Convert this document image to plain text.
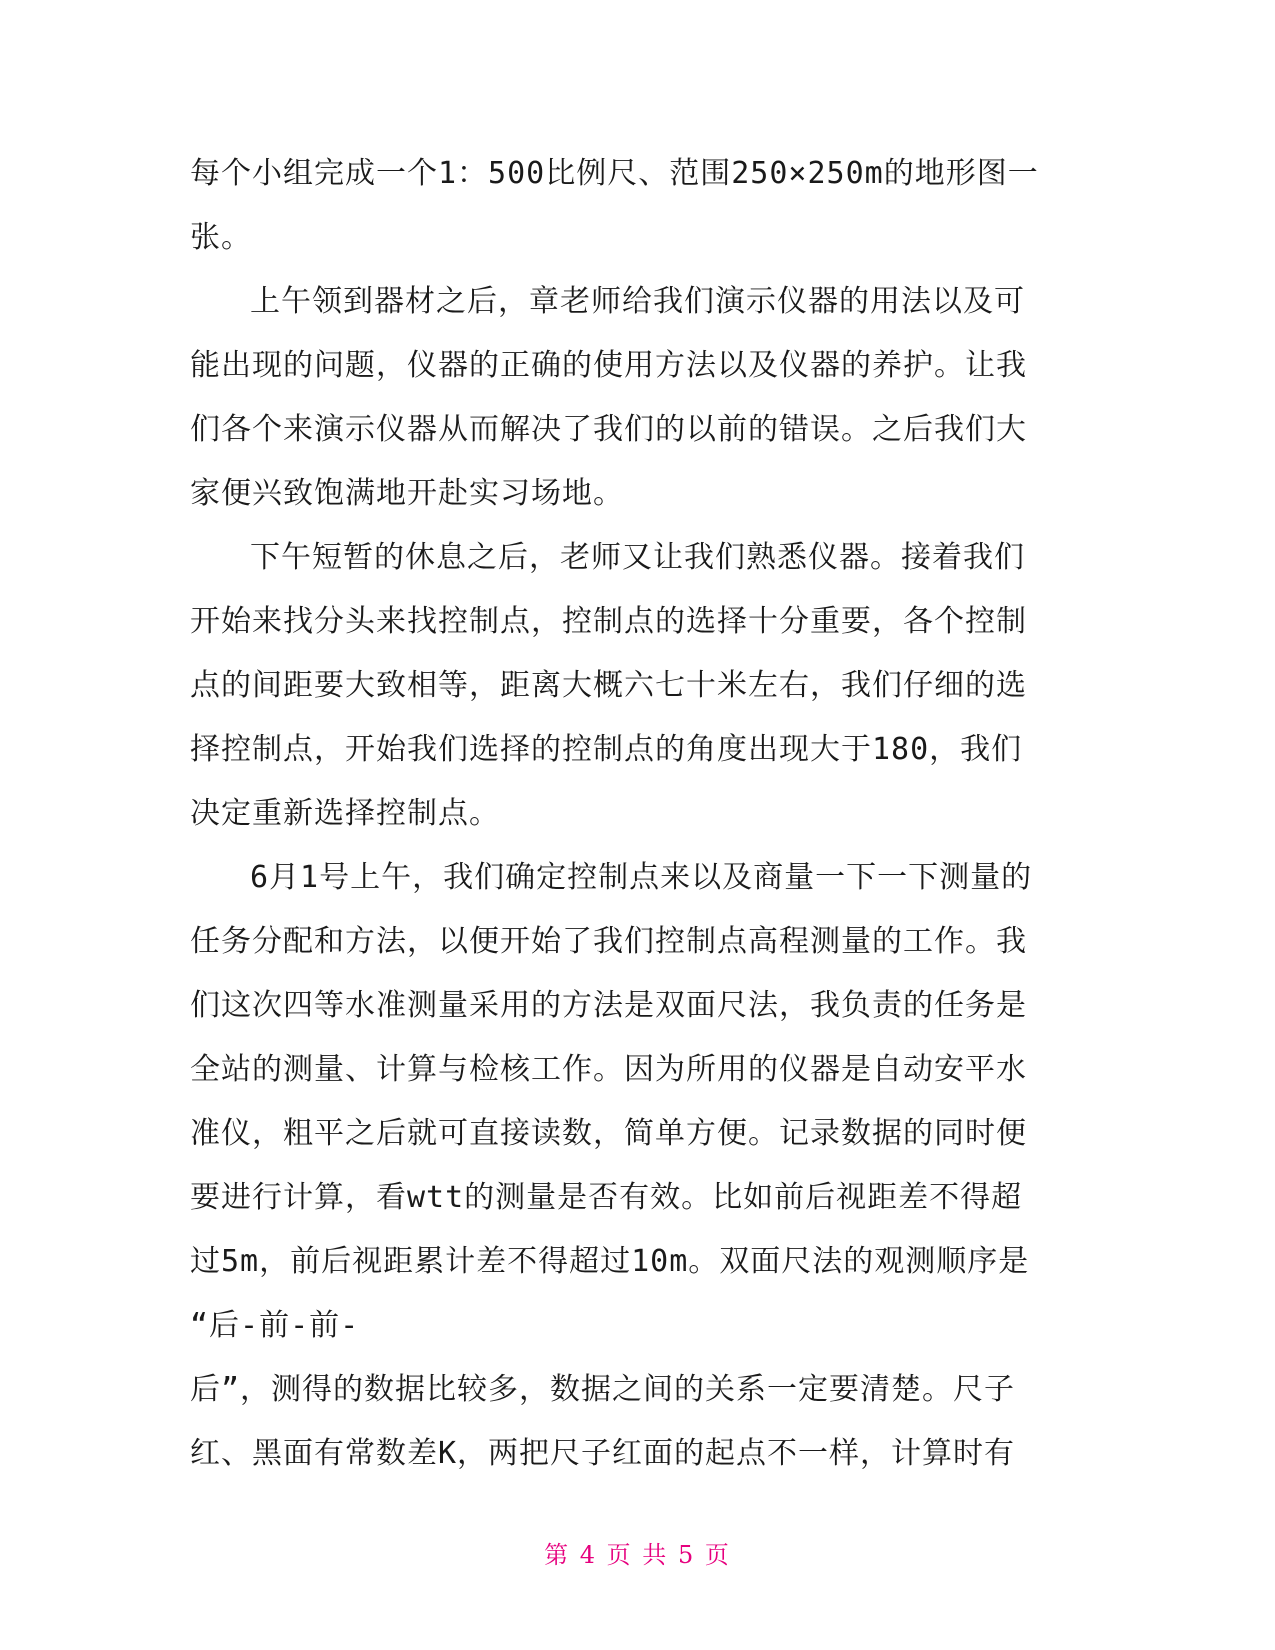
每个小组完成一个1：500比例尺、范围250×250m的地形图一
张。
上午领到器材之后，章老师给我们演示仪器的用法以及可
能出现的问题，仪器的正确的使用方法以及仪器的养护。让我
们各个来演示仪器从而解决了我们的以前的错误。之后我们大
家便兴致饱满地开赴实习场地。
下午短暂的休息之后，老师又让我们熟悉仪器。接着我们
开始来找分头来找控制点，控制点的选择十分重要，各个控制
点的间距要大致相等，距离大概六七十米左右，我们仔细的选
择控制点，开始我们选择的控制点的角度出现大于180，我们
决定重新选择控制点。
6月1号上午，我们确定控制点来以及商量一下一下测量的
任务分配和方法，以便开始了我们控制点高程测量的工作。我
们这次四等水准测量采用的方法是双面尺法，我负责的任务是
全站的测量、计算与检核工作。因为所用的仪器是自动安平水
准仪，粗平之后就可直接读数，简单方便。记录数据的同时便
要进行计算，看wtt的测量是否有效。比如前后视距差不得超
过5m，前后视距累计差不得超过10m。双面尺法的观测顺序是
“后-前-前-
后”，测得的数据比较多，数据之间的关系一定要清楚。尺子
红、黑面有常数差K，两把尺子红面的起点不一样，计算时有
第 4 页 共 5 页
